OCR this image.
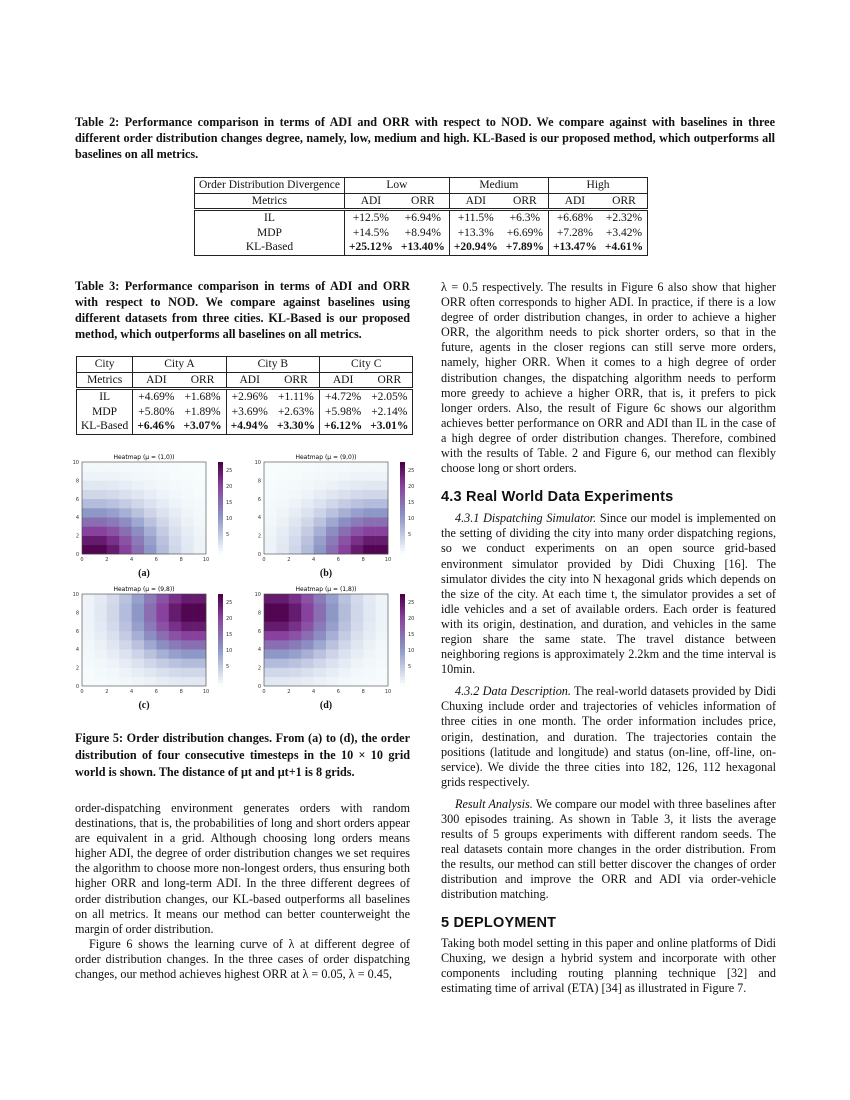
Table 2: Performance comparison in terms of ADI and ORR with respect to NOD. We compare against with baselines in three different order distribution changes degree, namely, low, medium and high. KL-Based is our proposed method, which outperforms all baselines on all metrics.
Order Distribution Divergence	Low		Medium		High	
Metrics	ADI	ORR	ADI	ORR	ADI	ORR
IL	+12.5%	+6.94%	+11.5%	+6.3%	+6.68%	+2.32%
MDP	+14.5%	+8.94%	+13.3%	+6.69%	+7.28%	+3.42%
KL-Based	+25.12%	+13.40%	+20.94%	+7.89%	+13.47%	+4.61%
Table 3: Performance comparison in terms of ADI and ORR with respect to NOD. We compare against baselines using different datasets from three cities. KL-Based is our proposed method, which outperforms all baselines on all metrics.
City	City A		City B		City C	
Metrics	ADI	ORR	ADI	ORR	ADI	ORR
IL	+4.69%	+1.68%	+2.96%	+1.11%	+4.72%	+2.05%
MDP	+5.80%	+1.89%	+3.69%	+2.63%	+5.98%	+2.14%
KL-Based	+6.46%	+3.07%	+4.94%	+3.30%	+6.12%	+3.01%
Heatmap (μ = (1,0))
0
0
2
2
4
4
6
6
8
8
10
10
25
20
15
10
5
(a)
Heatmap (μ = (9,0))
0
0
2
2
4
4
6
6
8
8
10
10
25
20
15
10
5
(b)
Heatmap (μ = (9,8))
0
0
2
2
4
4
6
6
8
8
10
10
25
20
15
10
5
(c)
Heatmap (μ = (1,8))
0
0
2
2
4
4
6
6
8
8
10
10
25
20
15
10
5
(d)
Figure 5: Order distribution changes. From (a) to (d), the order distribution of four consecutive timesteps in the 10 × 10 grid world is shown. The distance of μt and μt+1 is 8 grids.

order-dispatching environment generates orders with random destinations, that is, the probabilities of long and short orders appear are equivalent in a grid. Although choosing long orders means higher ADI, the degree of order distribution changes we set requires the algorithm to choose more non-longest orders, thus ensuring both higher ORR and long-term ADI. In the three different degrees of order distribution changes, our KL-based outperforms all baselines on all metrics. It means our method can better counterweight the margin of order distribution.

Figure 6 shows the learning curve of λ at different degree of order distribution changes. In the three cases of order dispatching changes, our method achieves highest ORR at λ = 0.05, λ = 0.45,

λ = 0.5 respectively. The results in Figure 6 also show that higher ORR often corresponds to higher ADI. In practice, if there is a low degree of order distribution changes, in order to achieve a higher ORR, the algorithm needs to pick shorter orders, so that in the future, agents in the closer regions can still serve more orders, namely, higher ORR. When it comes to a high degree of order distribution changes, the dispatching algorithm needs to perform more greedy to achieve a higher ORR, that is, it prefers to pick longer orders. Also, the result of Figure 6c shows our algorithm achieves better performance on ORR and ADI than IL in the case of a high degree of order distribution changes. Therefore, combined with the results of Table. 2 and Figure 6, our method can flexibly choose long or short orders.

4.3 Real World Data Experiments

4.3.1 Dispatching Simulator. Since our model is implemented on the setting of dividing the city into many order dispatching regions, so we conduct experiments on an open source grid-based environment simulator provided by Didi Chuxing [16]. The simulator divides the city into N hexagonal grids which depends on the size of the city. At each time t, the simulator provides a set of idle vehicles and a set of available orders. Each order is featured with its origin, destination, and duration, and vehicles in the same region share the same state. The travel distance between neighboring regions is approximately 2.2km and the time interval is 10min.

4.3.2 Data Description. The real-world datasets provided by Didi Chuxing include order and trajectories of vehicles information of three cities in one month. The order information includes price, origin, destination, and duration. The trajectories contain the positions (latitude and longitude) and status (on-line, off-line, on-service). We divide the three cities into 182, 126, 112 hexagonal grids respectively.

Result Analysis. We compare our model with three baselines after 300 episodes training. As shown in Table 3, it lists the average results of 5 groups experiments with different random seeds. The real datasets contain more changes in the order distribution. From the results, our method can still better discover the changes of order distribution and improve the ORR and ADI via order-vehicle distribution matching.

5 DEPLOYMENT

Taking both model setting in this paper and online platforms of Didi Chuxing, we design a hybrid system and incorporate with other components including routing planning technique [32] and estimating time of arrival (ETA) [34] as illustrated in Figure 7.
